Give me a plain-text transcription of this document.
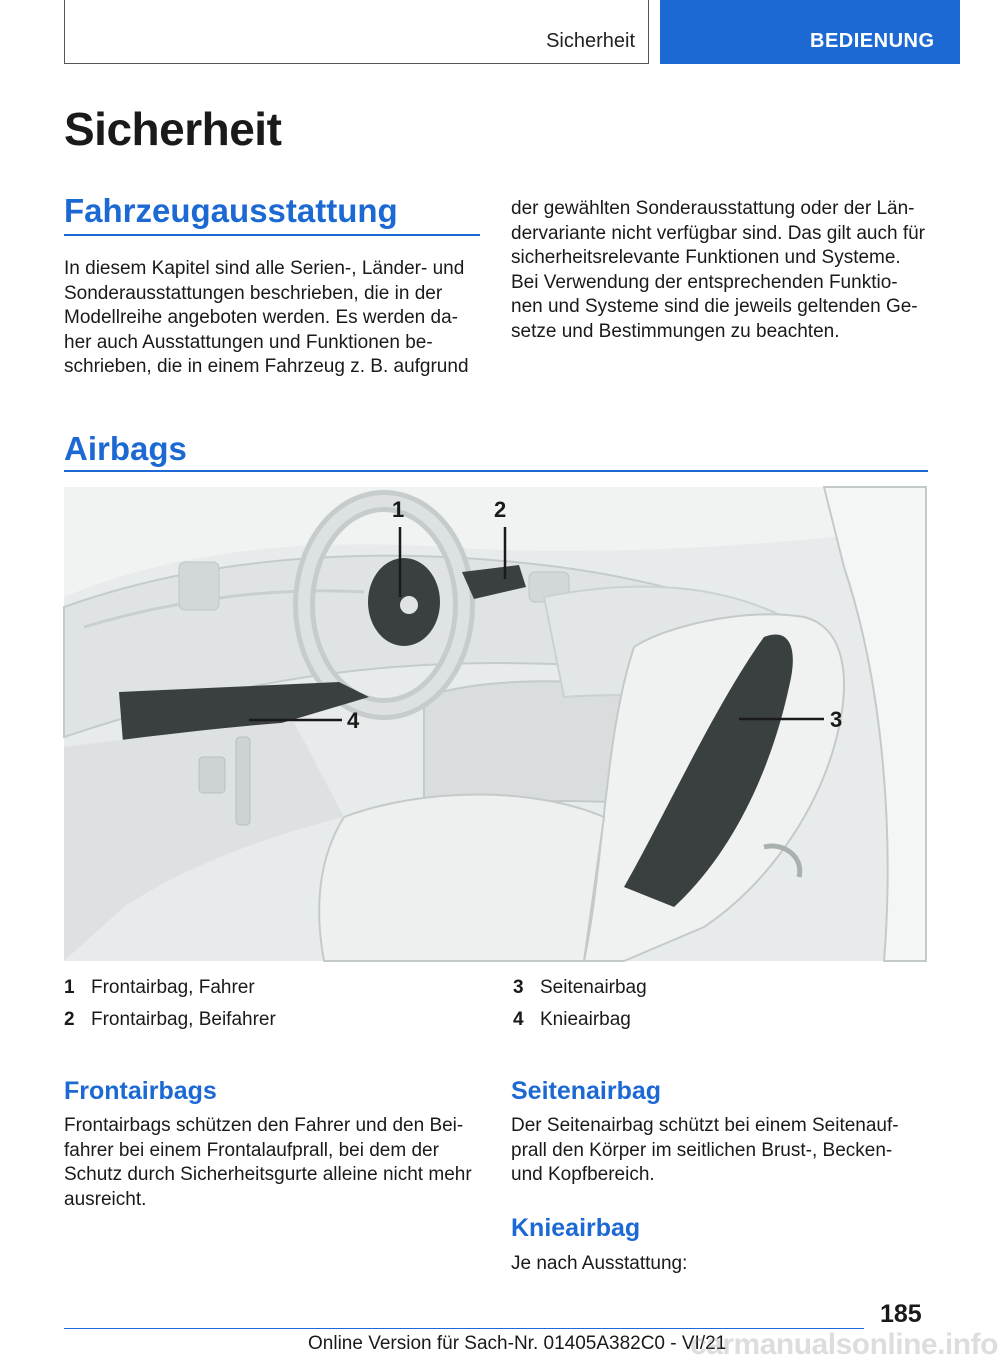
Sicherheit	BEDIENUNG
Sicherheit
Fahrzeugausstattung

In diesem Kapitel sind alle Serien-, Länder- und
Sonderausstattungen beschrieben, die in der
Modellreihe angeboten werden. Es werden da-
her auch Ausstattungen und Funktionen be-
schrieben, die in einem Fahrzeug z. B. aufgrund

der gewählten Sonderausstattung oder der Län-
dervariante nicht verfügbar sind. Das gilt auch für
sicherheitsrelevante Funktionen und Systeme.
Bei Verwendung der entsprechenden Funktio-
nen und Systeme sind die jeweils geltenden Ge-
setze und Bestimmungen zu beachten.

Airbags
1	2
3
4
1 Frontairbag, Fahrer
2 Frontairbag, Beifahrer
3 Seitenairbag
4 Knieairbag
Frontairbags

Frontairbags schützen den Fahrer und den Bei-
fahrer bei einem Frontalaufprall, bei dem der
Schutz durch Sicherheitsgurte alleine nicht mehr
ausreicht.

Seitenairbag

Der Seitenairbag schützt bei einem Seitenauf-
prall den Körper im seitlichen Brust-, Becken-
und Kopfbereich.

Knieairbag

Je nach Ausstattung:

185
Online Version für Sach-Nr. 01405A382C0 - VI/21
carmanualsonline.info
